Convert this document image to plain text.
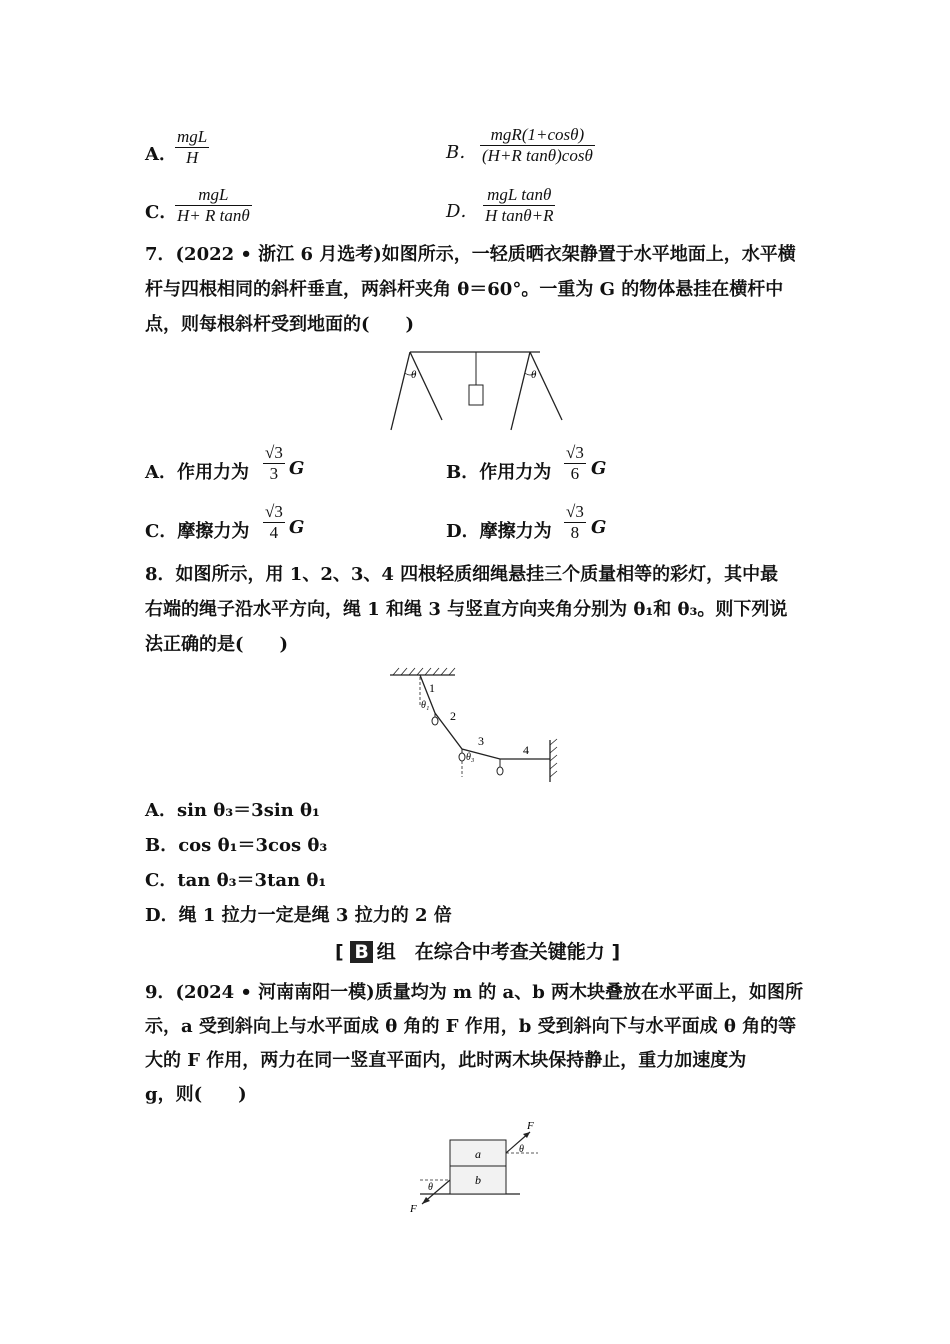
A．
mgL
H	B．
mgR(1+cosθ)
(H+R tanθ)cosθ
C．
mgL
H+ R tanθ	D．
mgL tanθ
H tanθ+R
7．(2022 • 浙江 6 月选考)如图所示，一轻质晒衣架静置于水平地面上，水平横
杆与四根相同的斜杆垂直，两斜杆夹角 θ＝60°。一重为 G 的物体悬挂在横杆中
点，则每根斜杆受到地面的(　　)
θ	θ
A．作用力为 $\frac{√3}{3}$ G	B．作用力为 $\frac{√3}{6}$ G
C．摩擦力为 $\frac{√3}{4}$ G	D．摩擦力为 $\frac{√3}{8}$ G
8．如图所示，用 1、2、3、4 四根轻质细绳悬挂三个质量相等的彩灯，其中最
右端的绳子沿水平方向，绳 1 和绳 3 与竖直方向夹角分别为 θ₁和 θ₃。则下列说
法正确的是(　　)
1
2
3
4
θ₁
θ₃
A．sin θ₃＝3sin θ₁
B．cos θ₁＝3cos θ₃
C．tan θ₃＝3tan θ₁
D．绳 1 拉力一定是绳 3 拉力的 2 倍
[ B 组　在综合中考查关键能力 ]
9．(2024 • 河南南阳一模)质量均为 m 的 a、b 两木块叠放在水平面上，如图所
示，a 受到斜向上与水平面成 θ 角的 F 作用，b 受到斜向下与水平面成 θ 角的等
大的 F 作用，两力在同一竖直平面内，此时两木块保持静止，重力加速度为
g，则(　　)
a
b
F
θ
F
θ
